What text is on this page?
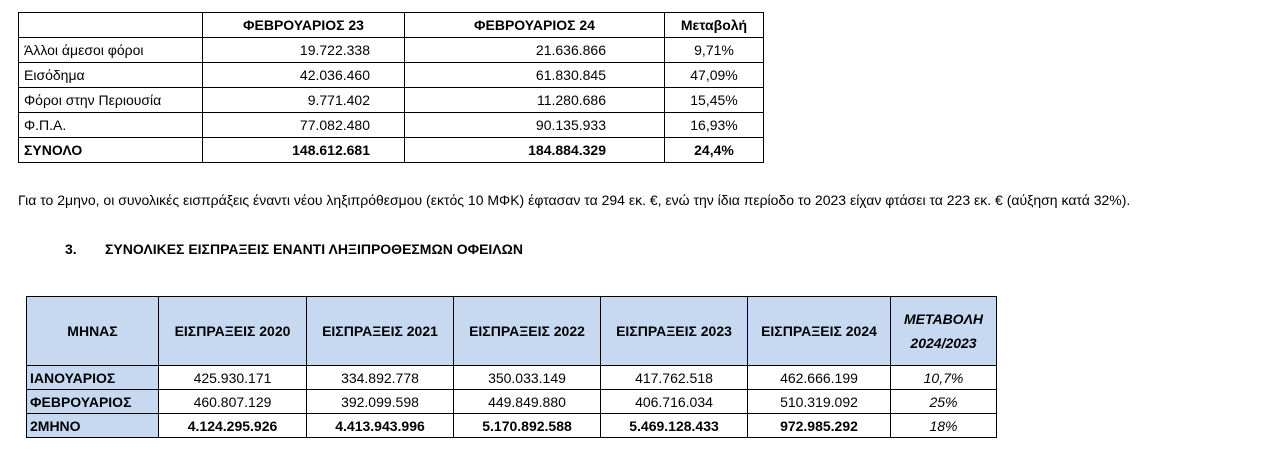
	ΦΕΒΡΟΥΑΡΙΟΣ 23	ΦΕΒΡΟΥΑΡΙΟΣ 24	Μεταβολή
Άλλοι άμεσοι φόροι	19.722.338	21.636.866	9,71%
Εισόδημα	42.036.460	61.830.845	47,09%
Φόροι στην Περιουσία	9.771.402	11.280.686	15,45%
Φ.Π.Α.	77.082.480	90.135.933	16,93%
ΣΥΝΟΛΟ	148.612.681	184.884.329	24,4%
Για το 2μηνο, οι συνολικές εισπράξεις έναντι νέου ληξιπρόθεσμου (εκτός 10 ΜΦΚ) έφτασαν τα 294 εκ. €, ενώ την ίδια περίοδο το 2023 είχαν φτάσει τα 223 εκ. € (αύξηση κατά 32%).
3. ΣΥΝΟΛΙΚΕΣ ΕΙΣΠΡΑΞΕΙΣ ΕΝΑΝΤΙ ΛΗΞΙΠΡΟΘΕΣΜΩΝ ΟΦΕΙΛΩΝ
ΜΗΝΑΣ	ΕΙΣΠΡΑΞΕΙΣ 2020	ΕΙΣΠΡΑΞΕΙΣ 2021	ΕΙΣΠΡΑΞΕΙΣ 2022	ΕΙΣΠΡΑΞΕΙΣ 2023	ΕΙΣΠΡΑΞΕΙΣ 2024	ΜΕΤΑΒΟΛΗ
2024/2023
ΙΑΝΟΥΑΡΙΟΣ	425.930.171	334.892.778	350.033.149	417.762.518	462.666.199	10,7%
ΦΕΒΡΟΥΑΡΙΟΣ	460.807.129	392.099.598	449.849.880	406.716.034	510.319.092	25%
2ΜΗΝΟ	4.124.295.926	4.413.943.996	5.170.892.588	5.469.128.433	972.985.292	18%
